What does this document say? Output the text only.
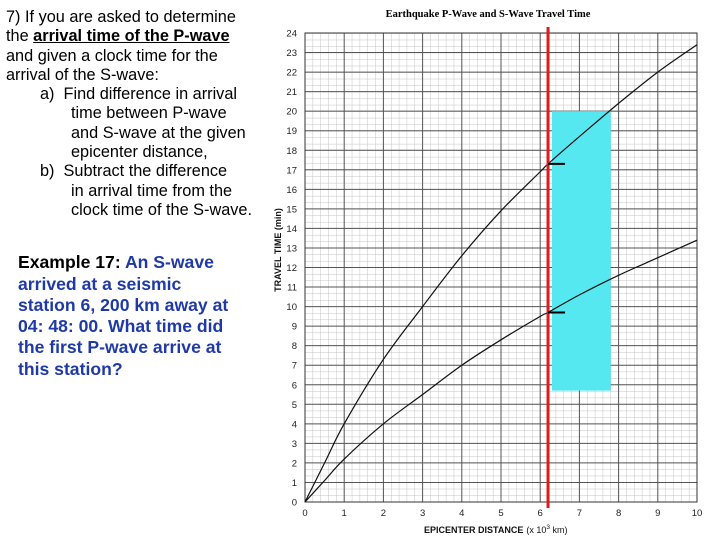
7) If you are asked to determine
the arrival time of the P-wave
and given a clock time for the
arrival of the S-wave:
a) Find difference in arrival
time between P-wave
and S-wave at the given
epicenter distance,
b) Subtract the difference
in arrival time from the
clock time of the S-wave.
Example 17: An S-wave
arrived at a seismic
station 6, 200 km away at
04: 48: 00. What time did
the first P-wave arrive at
this station?
Earthquake P-Wave and S-Wave Travel Time
0	1	2	3	4	5	6	7	8	9	10
0
1
2
3
4
5
6
7
8
9
10
11
12
13
14
15
16
17
18
19
20
21
22
23
24
TRAVEL TIME (min)
EPICENTER DISTANCE (x $10^3$ km)
